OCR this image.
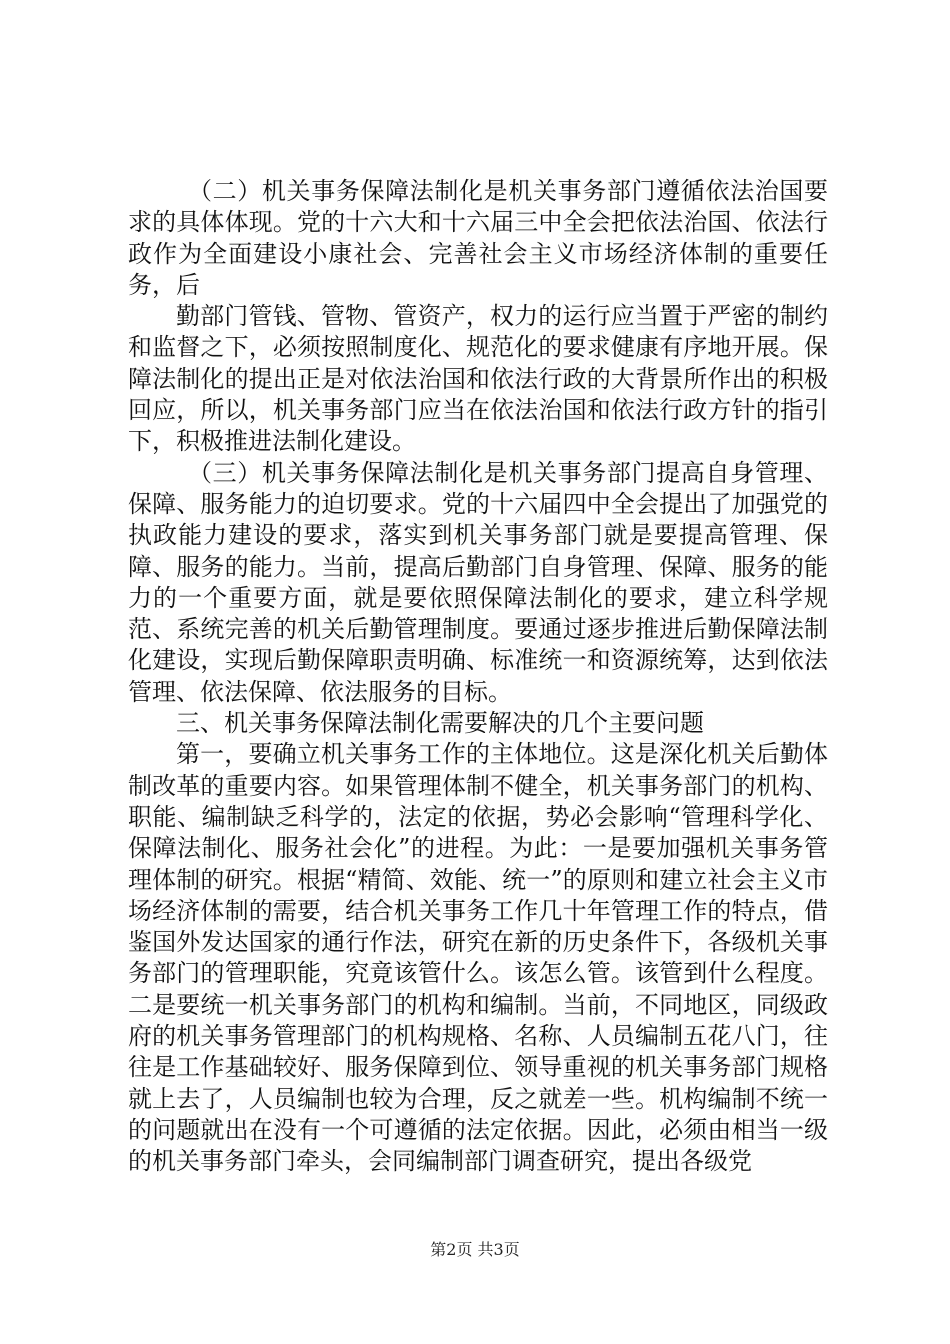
（二）机关事务保障法制化是机关事务部门遵循依法治国要求的具体体现。党的十六大和十六届三中全会把依法治国、依法行政作为全面建设小康社会、完善社会主义市场经济体制的重要任务，后

勤部门管钱、管物、管资产，权力的运行应当置于严密的制约和监督之下，必须按照制度化、规范化的要求健康有序地开展。保障法制化的提出正是对依法治国和依法行政的大背景所作出的积极回应，所以，机关事务部门应当在依法治国和依法行政方针的指引下，积极推进法制化建设。

（三）机关事务保障法制化是机关事务部门提高自身管理、保障、服务能力的迫切要求。党的十六届四中全会提出了加强党的执政能力建设的要求，落实到机关事务部门就是要提高管理、保障、服务的能力。当前，提高后勤部门自身管理、保障、服务的能力的一个重要方面，就是要依照保障法制化的要求，建立科学规范、系统完善的机关后勤管理制度。要通过逐步推进后勤保障法制化建设，实现后勤保障职责明确、标准统一和资源统筹，达到依法管理、依法保障、依法服务的目标。

三、机关事务保障法制化需要解决的几个主要问题

第一，要确立机关事务工作的主体地位。这是深化机关后勤体制改革的重要内容。如果管理体制不健全，机关事务部门的机构、职能、编制缺乏科学的，法定的依据，势必会影响“管理科学化、保障法制化、服务社会化”的进程。为此：一是要加强机关事务管理体制的研究。根据“精简、效能、统一”的原则和建立社会主义市场经济体制的需要，结合机关事务工作几十年管理工作的特点，借鉴国外发达国家的通行作法，研究在新的历史条件下，各级机关事务部门的管理职能，究竟该管什么。该怎么管。该管到什么程度。二是要统一机关事务部门的机构和编制。当前，不同地区，同级政府的机关事务管理部门的机构规格、名称、人员编制五花八门，往往是工作基础较好、服务保障到位、领导重视的机关事务部门规格就上去了，人员编制也较为合理，反之就差一些。机构编制不统一的问题就出在没有一个可遵循的法定依据。因此，必须由相当一级的机关事务部门牵头，会同编制部门调查研究，提出各级党

第2页 共3页
